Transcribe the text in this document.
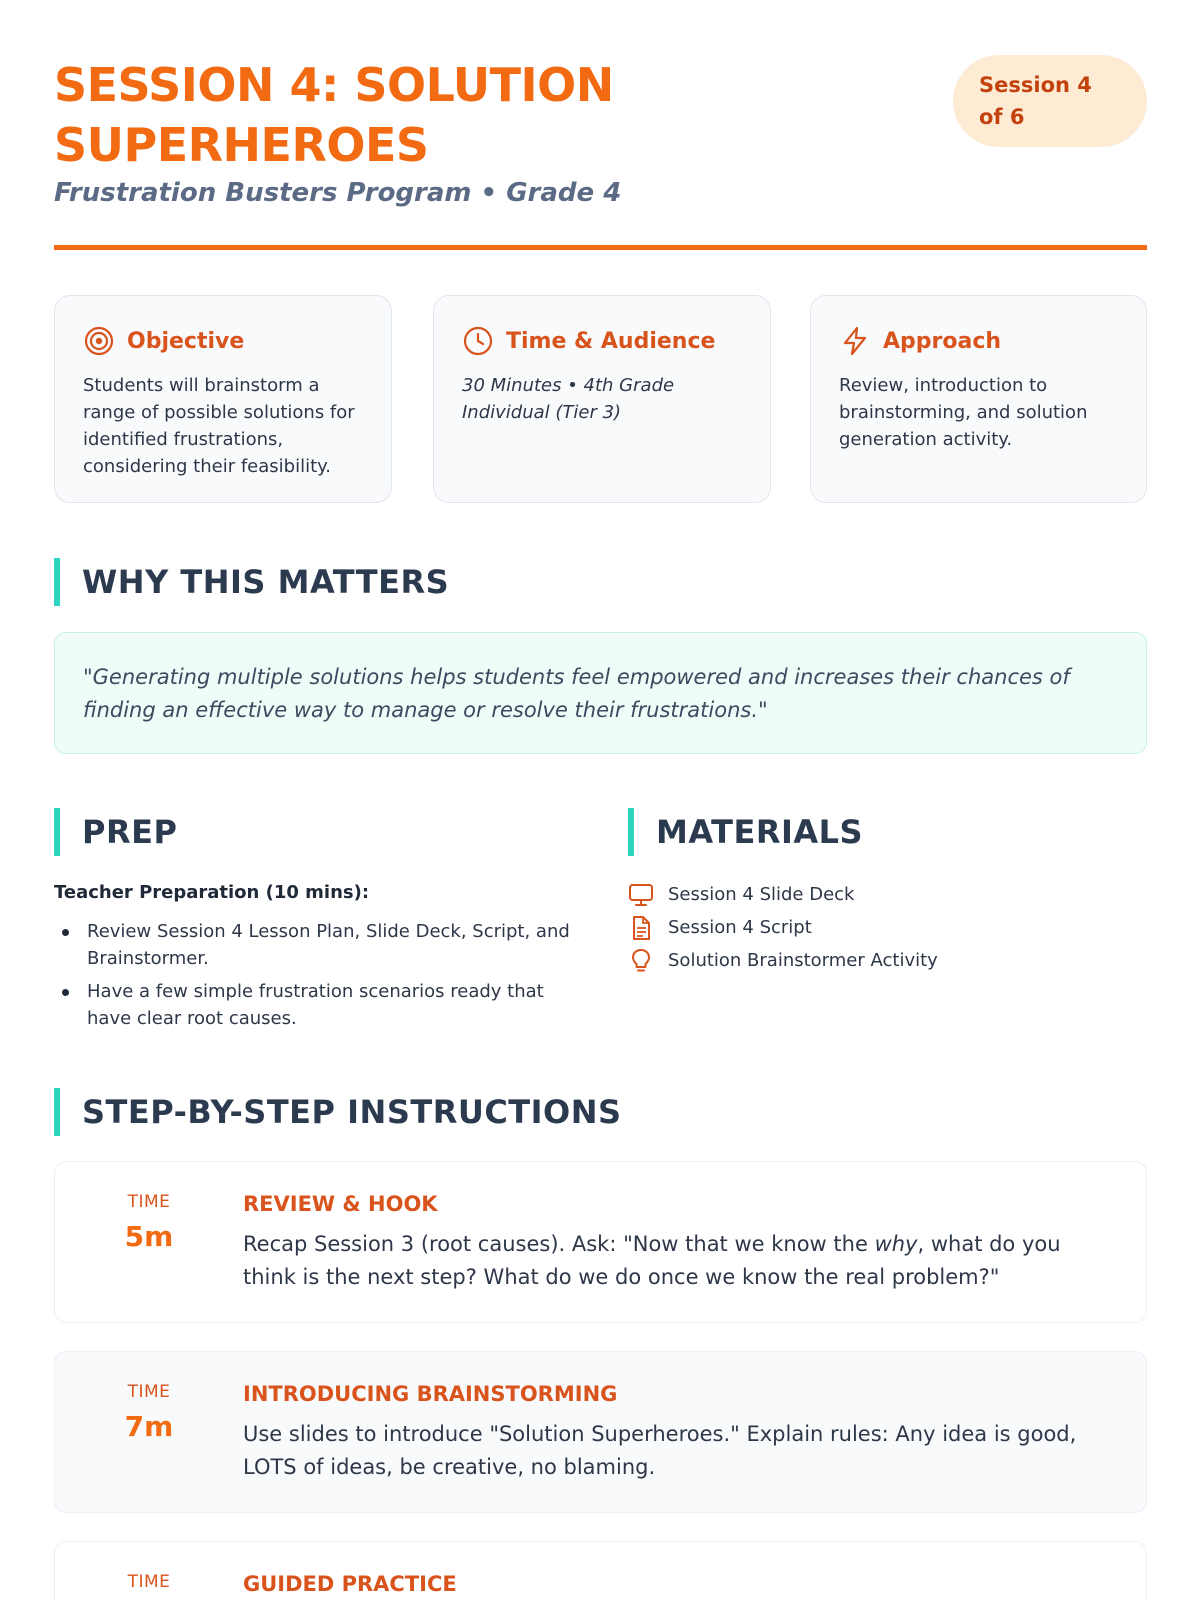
SESSION 4: SOLUTION SUPERHEROES
Frustration Busters Program • Grade 4
Session 4 of 6
Objective
Students will brainstorm a range of possible solutions for identified frustrations, considering their feasibility.
Time & Audience
30 Minutes • 4th Grade
Individual (Tier 3)
Approach
Review, introduction to brainstorming, and solution generation activity.
WHY THIS MATTERS
"Generating multiple solutions helps students feel empowered and increases their chances of finding an effective way to manage or resolve their frustrations."
PREP
Teacher Preparation (10 mins):
Review Session 4 Lesson Plan, Slide Deck, Script, and Brainstormer.
Have a few simple frustration scenarios ready that have clear root causes.
MATERIALS
Session 4 Slide Deck
Session 4 Script
Solution Brainstormer Activity
STEP-BY-STEP INSTRUCTIONS
TIME
5m
REVIEW & HOOK
Recap Session 3 (root causes). Ask: "Now that we know the why, what do you think is the next step? What do we do once we know the real problem?"
TIME
7m
INTRODUCING BRAINSTORMING
Use slides to introduce "Solution Superheroes." Explain rules: Any idea is good, LOTS of ideas, be creative, no blaming.
TIME	GUIDED PRACTICE
